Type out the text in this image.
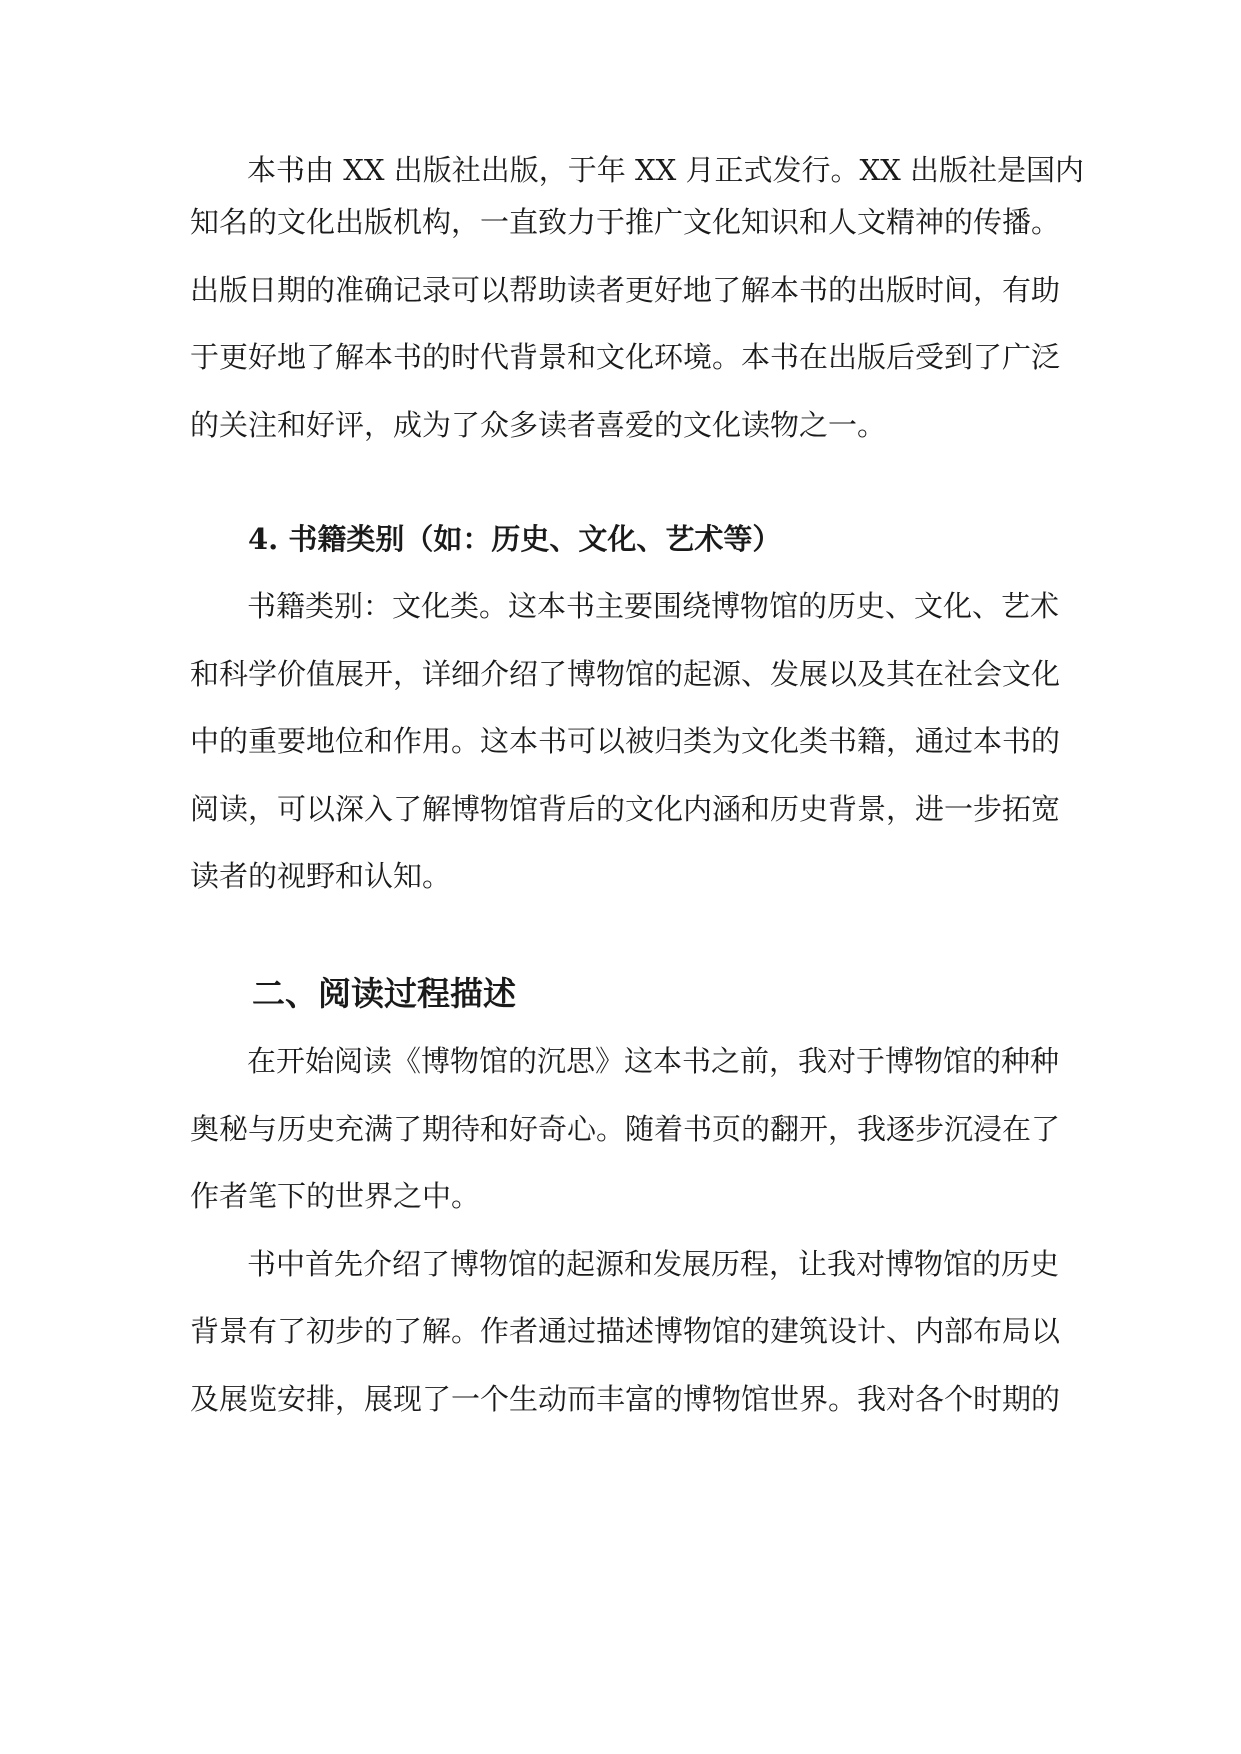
本书由 XX 出版社出版，于年 XX 月正式发行。XX 出版社是国内
知名的文化出版机构，一直致力于推广文化知识和人文精神的传播。
出版日期的准确记录可以帮助读者更好地了解本书的出版时间，有助
于更好地了解本书的时代背景和文化环境。本书在出版后受到了广泛
的关注和好评，成为了众多读者喜爱的文化读物之一。
4. 书籍类别（如：历史、文化、艺术等）
书籍类别：文化类。这本书主要围绕博物馆的历史、文化、艺术
和科学价值展开，详细介绍了博物馆的起源、发展以及其在社会文化
中的重要地位和作用。这本书可以被归类为文化类书籍，通过本书的
阅读，可以深入了解博物馆背后的文化内涵和历史背景，进一步拓宽
读者的视野和认知。
二、阅读过程描述
在开始阅读《博物馆的沉思》这本书之前，我对于博物馆的种种
奥秘与历史充满了期待和好奇心。随着书页的翻开，我逐步沉浸在了
作者笔下的世界之中。
书中首先介绍了博物馆的起源和发展历程，让我对博物馆的历史
背景有了初步的了解。作者通过描述博物馆的建筑设计、内部布局以
及展览安排，展现了一个生动而丰富的博物馆世界。我对各个时期的
